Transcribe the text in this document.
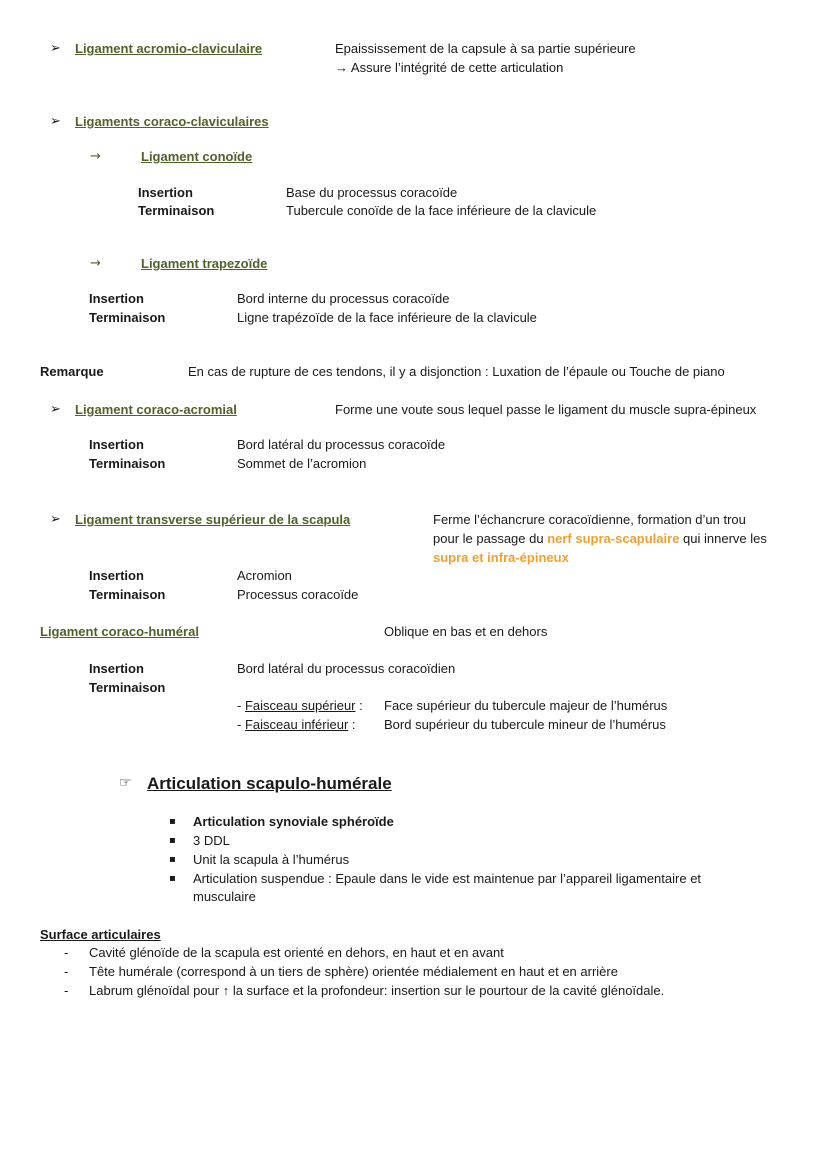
➢ Ligament acromio-claviculaire	Epaississement de la capsule à sa partie supérieure
→ Assure l’intégrité de cette articulation
➢ Ligaments coraco-claviculaires
→	Ligament conoïde
Insertion	Base du processus coracoïde
Terminaison	Tubercule conoïde de la face inférieure de la clavicule
→	Ligament trapezoïde
Insertion	Bord interne du processus coracoïde
Terminaison	Ligne trapézoïde de la face inférieure de la clavicule
Remarque	En cas de rupture de ces tendons, il y a disjonction : Luxation de l’épaule ou Touche de piano
➢ Ligament coraco-acromial	Forme une voute sous lequel passe le ligament du muscle supra-épineux
Insertion	Bord latéral du processus coracoïde
Terminaison	Sommet de l’acromion
➢ Ligament transverse supérieur de la scapula	Ferme l’échancrure coracoïdienne, formation d’un trou
pour le passage du nerf supra-scapulaire qui innerve les
supra et infra-épineux
Insertion	Acromion
Terminaison	Processus coracoïde
Ligament coraco-huméral	Oblique en bas et en dehors
Insertion	Bord latéral du processus coracoïdien
Terminaison
- Faisceau supérieur : Face supérieur du tubercule majeur de l’humérus
- Faisceau inférieur : Bord supérieur du tubercule mineur de l’humérus
☞ Articulation scapulo-humérale
▪ Articulation synoviale sphéroïde
▪ 3 DDL
▪ Unit la scapula à l’humérus
▪ Articulation suspendue : Epaule dans le vide est maintenue par l’appareil ligamentaire et
musculaire
Surface articulaires
- Cavité glénoïde de la scapula est orienté en dehors, en haut et en avant
- Tête humérale (correspond à un tiers de sphère) orientée médialement en haut et en arrière
- Labrum glénoïdal pour ↑ la surface et la profondeur: insertion sur le pourtour de la cavité glénoïdale.
